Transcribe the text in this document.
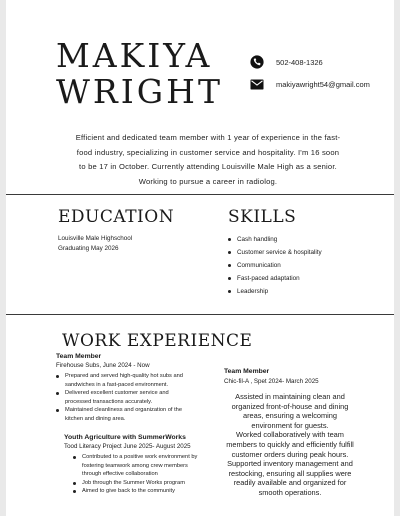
MAKIYA
WRIGHT
502-408-1326
makiyawright54@gmail.com
Efficient and dedicated team member with 1 year of experience in the fast-
food industry, specializing in customer service and hospitality. I'm 16 soon
to be 17 in October. Currently attending Louisville Male High as a senior.
Working to pursue a career in radiolog.
EDUCATION
Louisville Male Highschool
Graduating May 2026
SKILLS
Cash handling
Customer service & hospitality
Communication
Fast-paced adaptation
Leadership
WORK EXPERIENCE
Team Member
Firehouse Subs, June 2024 - Now
Prepared and served high-quality hot subs and
sandwiches in a fast-paced environment.
Delivered excellent customer service and
processed transactions accurately.
Maintained cleanliness and organization of the
kitchen and dining area.
Youth Agriculture with SummerWorks
Tood Literacy Project June 2025- August 2025
Contributed to a positive work environment by
fostering teamwork among crew members
through effective collaboration
Job through the Summer Works program
Aimed to give back to the community
Team Member
Chic-fil-A , Spet 2024- March 2025
Assisted in maintaining clean and
organized front-of-house and dining
areas, ensuring a welcoming
environment for guests.
Worked collaboratively with team
members to quickly and efficiently fulfill
customer orders during peak hours.
Supported inventory management and
restocking, ensuring all supplies were
readily available and organized for
smooth operations.
